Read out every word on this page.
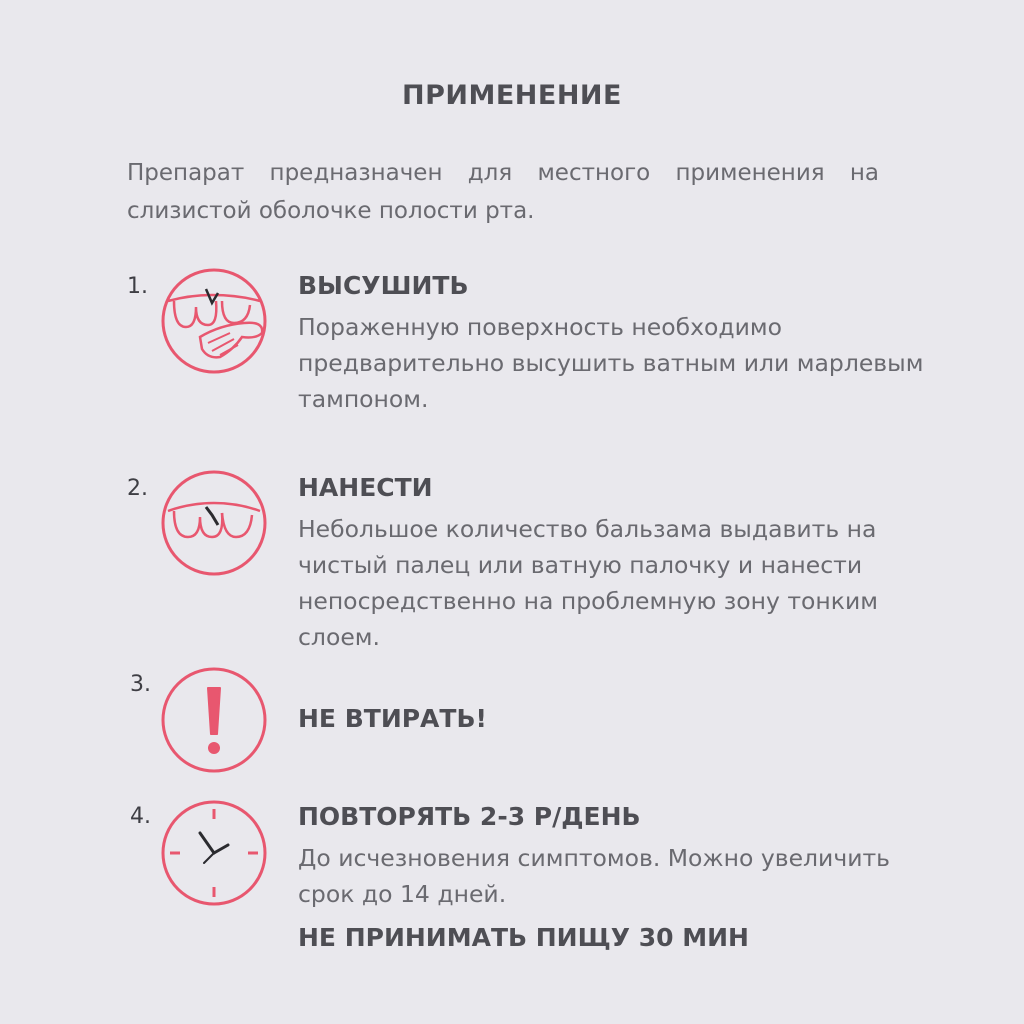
ПРИМЕНЕНИЕ
Препарат предназначен для местного применения на слизистой оболочке полости рта.
1.	ВЫСУШИТЬ
Пораженную поверхность необходимо предварительно высушить ватным или марлевым тампоном.
2.	НАНЕСТИ
Небольшое количество бальзама выдавить на чистый палец или ватную палочку и нанести непосредственно на проблемную зону тонким слоем.
3.
НЕ ВТИРАТЬ!
4.	ПОВТОРЯТЬ 2-3 Р/ДЕНЬ
До исчезновения симптомов. Можно увеличить срок до 14 дней.
НЕ ПРИНИМАТЬ ПИЩУ 30 МИН
